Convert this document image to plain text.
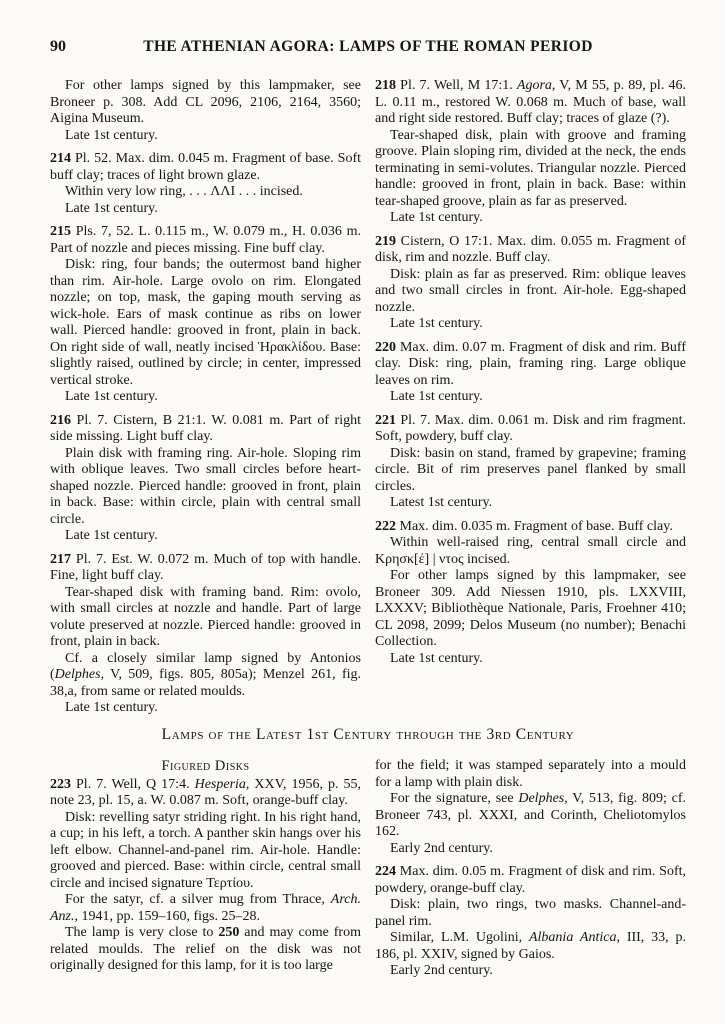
90	THE ATHENIAN AGORA: LAMPS OF THE ROMAN PERIOD

For other lamps signed by this lampmaker, see Broneer p. 308. Add CL 2096, 2106, 2164, 3560; Aigina Museum.

Late 1st century.

214 Pl. 52. Max. dim. 0.045 m. Fragment of base. Soft buff clay; traces of light brown glaze.

Within very low ring, . . . ΛΛΙ . . . incised.

Late 1st century.

215 Pls. 7, 52. L. 0.115 m., W. 0.079 m., H. 0.036 m. Part of nozzle and pieces missing. Fine buff clay.

Disk: ring, four bands; the outermost band higher than rim. Air-hole. Large ovolo on rim. Elongated nozzle; on top, mask, the gaping mouth serving as wick-hole. Ears of mask continue as ribs on lower wall. Pierced handle: grooved in front, plain in back. On right side of wall, neatly incised Ἡρακλίδου. Base: slightly raised, outlined by circle; in center, impressed vertical stroke.

Late 1st century.

216 Pl. 7. Cistern, B 21:1. W. 0.081 m. Part of right side missing. Light buff clay.

Plain disk with framing ring. Air-hole. Sloping rim with oblique leaves. Two small circles before heart-shaped nozzle. Pierced handle: grooved in front, plain in back. Base: within circle, plain with central small circle.

Late 1st century.

217 Pl. 7. Est. W. 0.072 m. Much of top with handle. Fine, light buff clay.

Tear-shaped disk with framing band. Rim: ovolo, with small circles at nozzle and handle. Part of large volute preserved at nozzle. Pierced handle: grooved in front, plain in back.

Cf. a closely similar lamp signed by Antonios (Delphes, V, 509, figs. 805, 805a); Menzel 261, fig. 38,a, from same or related moulds.

Late 1st century.

218 Pl. 7. Well, M 17:1. Agora, V, M 55, p. 89, pl. 46. L. 0.11 m., restored W. 0.068 m. Much of base, wall and right side restored. Buff clay; traces of glaze (?).

Tear-shaped disk, plain with groove and framing groove. Plain sloping rim, divided at the neck, the ends terminating in semi-volutes. Triangular nozzle. Pierced handle: grooved in front, plain in back. Base: within tear-shaped groove, plain as far as preserved.

Late 1st century.

219 Cistern, O 17:1. Max. dim. 0.055 m. Fragment of disk, rim and nozzle. Buff clay.

Disk: plain as far as preserved. Rim: oblique leaves and two small circles in front. Air-hole. Egg-shaped nozzle.

Late 1st century.

220 Max. dim. 0.07 m. Fragment of disk and rim. Buff clay. Disk: ring, plain, framing ring. Large oblique leaves on rim.

Late 1st century.

221 Pl. 7. Max. dim. 0.061 m. Disk and rim fragment. Soft, powdery, buff clay.

Disk: basin on stand, framed by grapevine; framing circle. Bit of rim preserves panel flanked by small circles.

Latest 1st century.

222 Max. dim. 0.035 m. Fragment of base. Buff clay.

Within well-raised ring, central small circle and Κρησκ[έ] | ντος incised.

For other lamps signed by this lampmaker, see Broneer 309. Add Niessen 1910, pls. LXXVIII, LXXXV; Bibliothèque Nationale, Paris, Froehner 410; CL 2098, 2099; Delos Museum (no number); Benachi Collection.

Late 1st century.

Lamps of the Latest 1st Century through the 3rd Century
Figured Disks

223 Pl. 7. Well, Q 17:4. Hesperia, XXV, 1956, p. 55, note 23, pl. 15, a. W. 0.087 m. Soft, orange-buff clay.

Disk: revelling satyr striding right. In his right hand, a cup; in his left, a torch. A panther skin hangs over his left elbow. Channel-and-panel rim. Air-hole. Handle: grooved and pierced. Base: within circle, central small circle and incised signature Τερτίου.

For the satyr, cf. a silver mug from Thrace, Arch. Anz., 1941, pp. 159–160, figs. 25–28.

The lamp is very close to 250 and may come from related moulds. The relief on the disk was not originally designed for this lamp, for it is too large

for the field; it was stamped separately into a mould for a lamp with plain disk.

For the signature, see Delphes, V, 513, fig. 809; cf. Broneer 743, pl. XXXI, and Corinth, Cheliotomylos 162.

Early 2nd century.

224 Max. dim. 0.05 m. Fragment of disk and rim. Soft, powdery, orange-buff clay.

Disk: plain, two rings, two masks. Channel-and-panel rim.

Similar, L.M. Ugolini, Albania Antica, III, 33, p. 186, pl. XXIV, signed by Gaios.

Early 2nd century.
